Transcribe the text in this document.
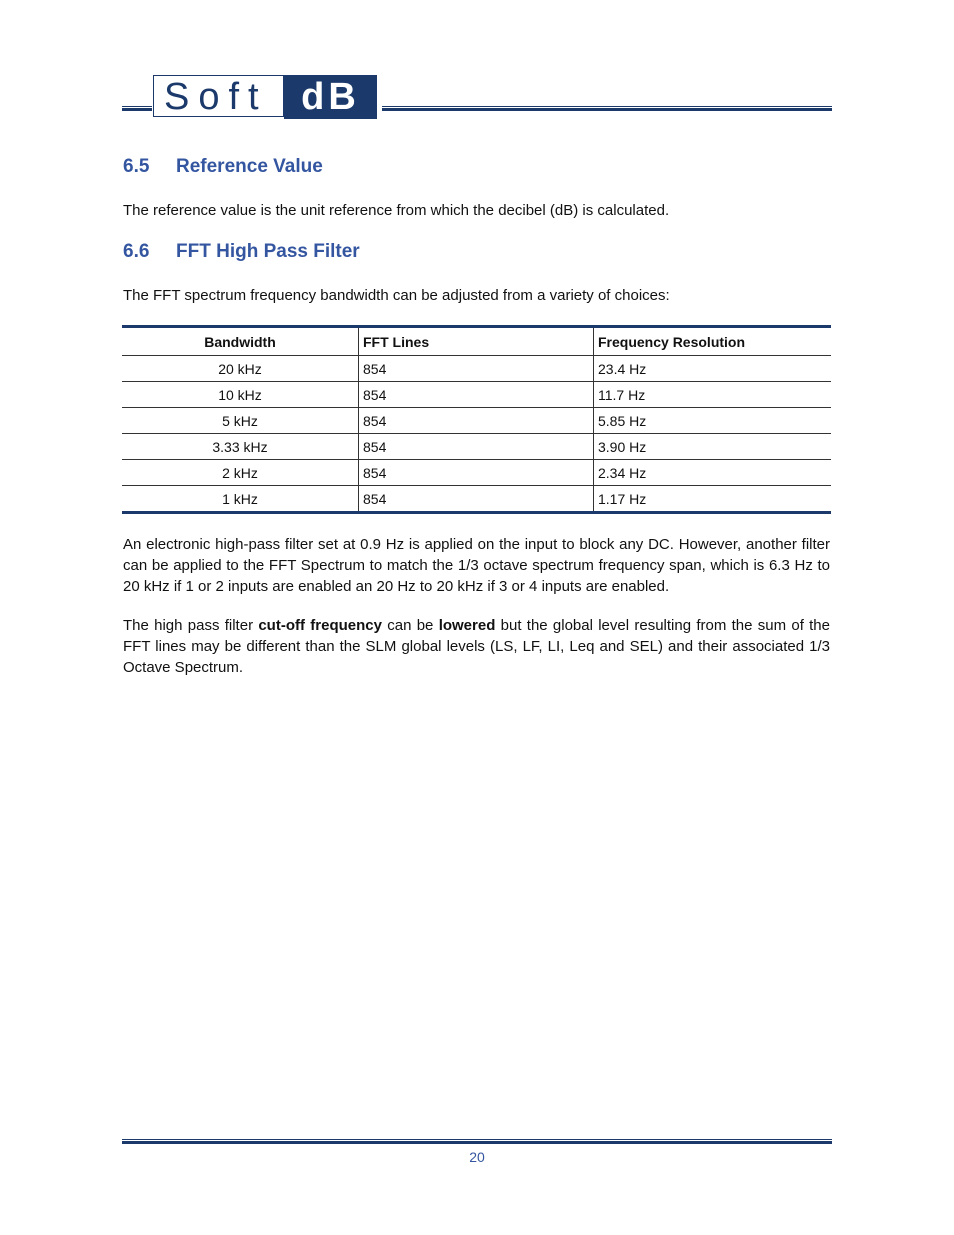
Soft dB
6.5 Reference Value

The reference value is the unit reference from which the decibel (dB) is calculated.

6.6 FFT High Pass Filter

The FFT spectrum frequency bandwidth can be adjusted from a variety of choices:

Bandwidth	FFT Lines	Frequency Resolution
20 kHz	854	23.4 Hz
10 kHz	854	11.7 Hz
5 kHz	854	5.85 Hz
3.33 kHz	854	3.90 Hz
2 kHz	854	2.34 Hz
1 kHz	854	1.17 Hz

An electronic high-pass filter set at 0.9 Hz is applied on the input to block any DC. However, another filter can be applied to the FFT Spectrum to match the 1/3 octave spectrum frequency span, which is 6.3 Hz to 20 kHz if 1 or 2 inputs are enabled an 20 Hz to 20 kHz if 3 or 4 inputs are enabled.

The high pass filter cut-off frequency can be lowered but the global level resulting from the sum of the FFT lines may be different than the SLM global levels (LS, LF, LI, Leq and SEL) and their associated 1/3 Octave Spectrum.

20
